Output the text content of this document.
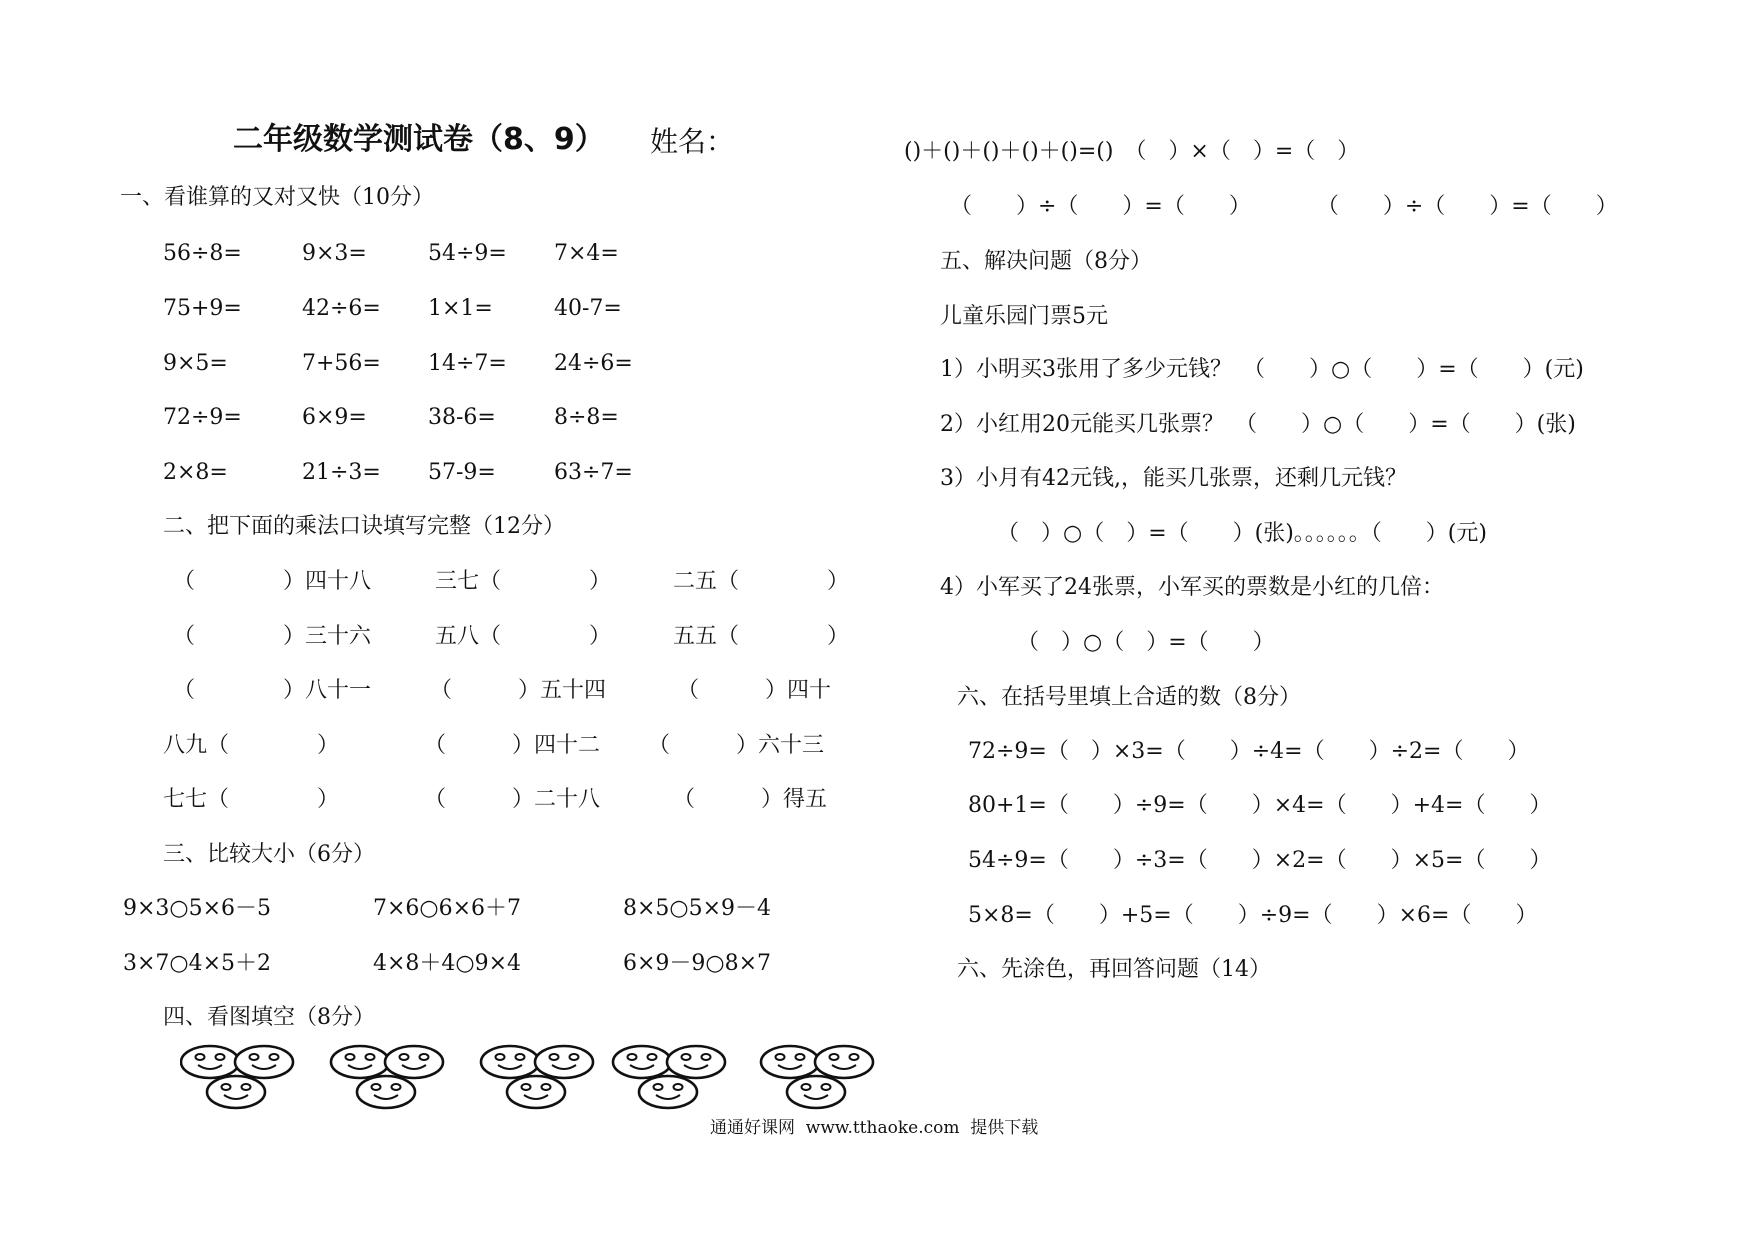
二年级数学测试卷（8、9） 姓名：
一、看谁算的又对又快（10分）
56÷8=	9×3=	54÷9= 7×4=
75+9=	42÷6= 1×1=	40-7=
9×5=	7+56= 14÷7= 24÷6=
72÷9=	6×9=	38-6=	8÷8=
2×8=	21÷3= 57-9=	63÷7=
二、把下面的乘法口诀填写完整（12分）
（　　　　）四十八	三七（　　　　）	二五（　　　　）
（　　　　）三十六	五八（　　　　）	五五（　　　　）
（　　　　）八十一	（　　　）五十四	（　　　）四十
八九（　　　　）	（　　　）四十二 （　　　）六十三
七七（　　　　）	（　　　）二十八	（　　　）得五
三、比较大小（6分）
9×3○5×6－5	7×6○6×6＋7	8×5○5×9－4
3×7○4×5＋2	4×8＋4○9×4	6×9－9○8×7
四、看图填空（8分）
()＋()＋()＋()＋()=()　（　）×（　）=（　）
（　　）÷（　　）=（　　）　　　　（　　）÷（　　）=（　　）
五、解决问题（8分）
儿童乐园门票5元
1）小明买3张用了多少元钱？　（　　）○（　　）=（　　）(元)
2）小红用20元能买几张票？　（　　）○（　　）=（　　）(张)
3）小月有42元钱,，能买几张票，还剩几元钱？
（　）○（　）=（　　）(张)。。。。。。（　　）(元)
4）小军买了24张票，小军买的票数是小红的几倍：
（　）○（　）=（　　）
六、在括号里填上合适的数（8分）
72÷9=（　）×3=（　　）÷4=（　　）÷2=（　　）
80+1=（　　）÷9=（　　）×4=（　　）+4=（　　）
54÷9=（　　）÷3=（　　）×2=（　　）×5=（　　）
5×8=（　　）+5=（　　）÷9=（　　）×6=（　　）
六、先涂色，再回答问题（14）
通通好课网  www.tthaoke.com  提供下载
